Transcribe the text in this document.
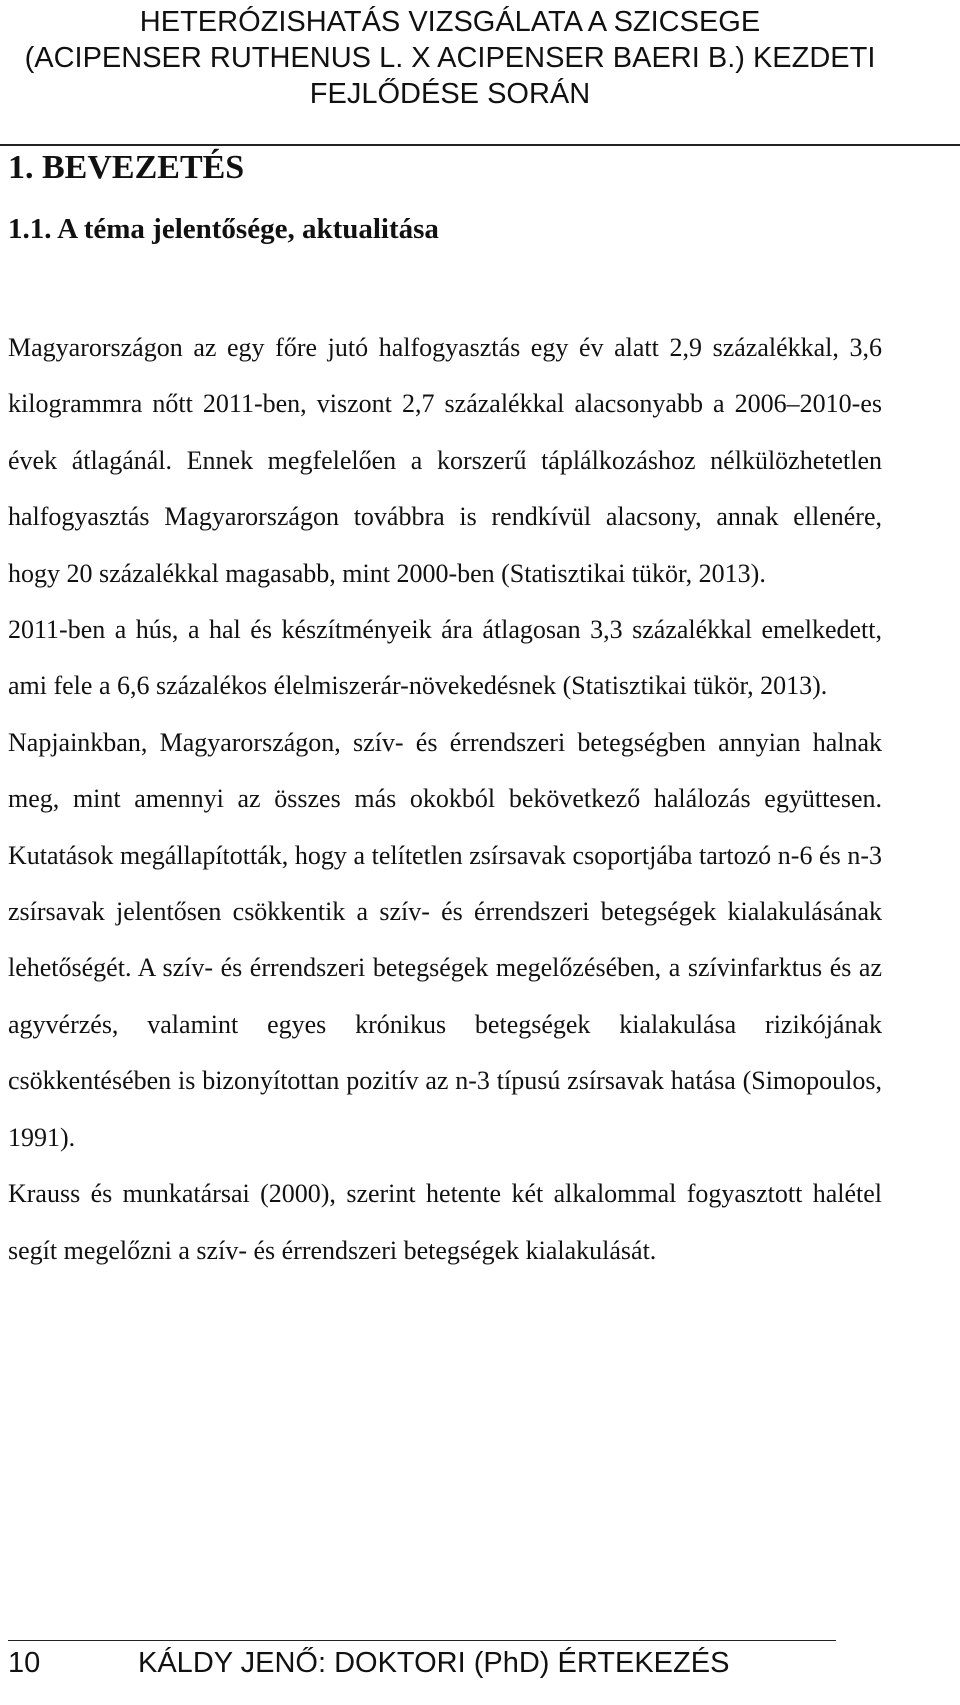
HETERÓZISHATÁS VIZSGÁLATA A SZICSEGE
(ACIPENSER RUTHENUS L. X ACIPENSER BAERI B.) KEZDETI
FEJLŐDÉSE SORÁN
1. BEVEZETÉS
1.1. A téma jelentősége, aktualitása

Magyarországon az egy főre jutó halfogyasztás egy év alatt 2,9 százalékkal, 3,6 kilogrammra nőtt 2011-ben, viszont 2,7 százalékkal alacsonyabb a 2006–2010-es évek átlagánál. Ennek megfelelően a korszerű táplálkozáshoz nélkülözhetetlen halfogyasztás Magyarországon továbbra is rendkívül alacsony, annak ellenére, hogy 20 százalékkal magasabb, mint 2000-ben (Statisztikai tükör, 2013).

2011-ben a hús, a hal és készítményeik ára átlagosan 3,3 százalékkal emelkedett, ami fele a 6,6 százalékos élelmiszerár-növekedésnek (Statisztikai tükör, 2013).

Napjainkban, Magyarországon, szív- és érrendszeri betegségben annyian halnak meg, mint amennyi az összes más okokból bekövetkező halálozás együttesen. Kutatások megállapították, hogy a telítetlen zsírsavak csoportjába tartozó n-6 és n-3 zsírsavak jelentősen csökkentik a szív- és érrendszeri betegségek kialakulásának lehetőségét. A szív- és érrendszeri betegségek megelőzésében, a szívinfarktus és az agyvérzés, valamint egyes krónikus betegségek kialakulása rizikójának csökkentésében is bizonyítottan pozitív az n-3 típusú zsírsavak hatása (Simopoulos, 1991).

Krauss és munkatársai (2000), szerint hetente két alkalommal fogyasztott halétel segít megelőzni a szív- és érrendszeri betegségek kialakulását.

10	KÁLDY JENŐ: DOKTORI (PhD) ÉRTEKEZÉS
